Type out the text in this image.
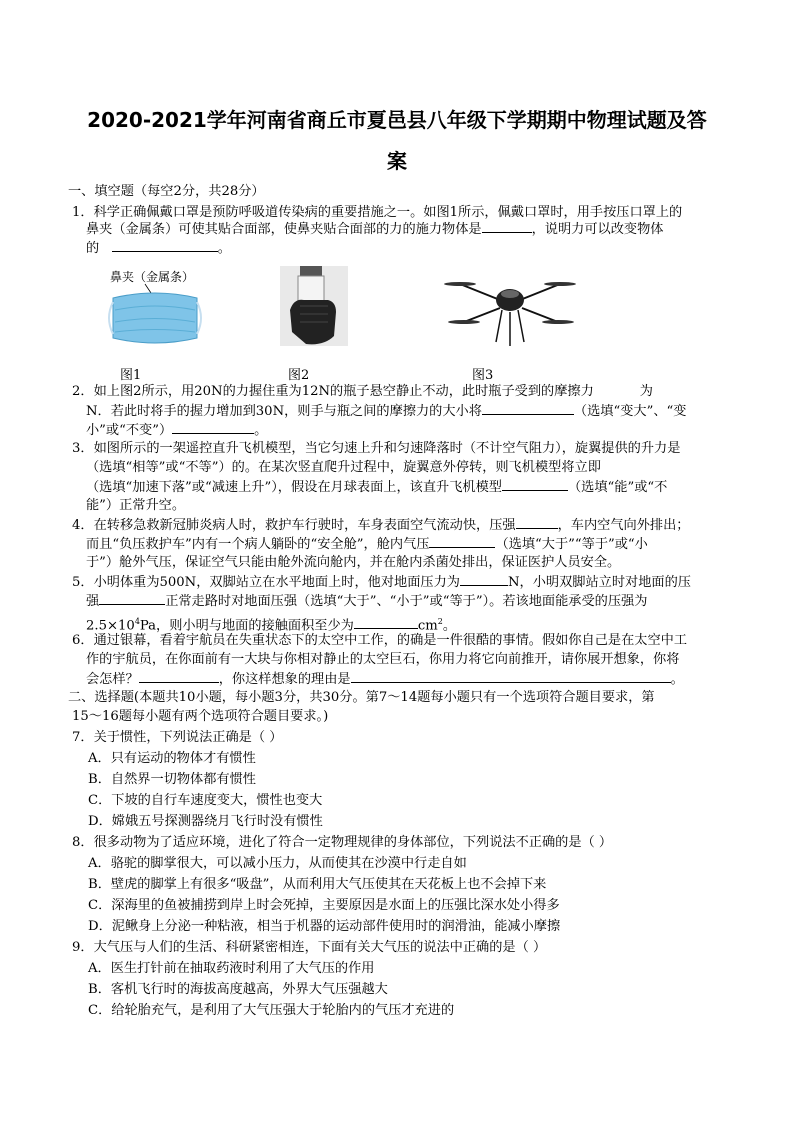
2020-2021学年河南省商丘市夏邑县八年级下学期期中物理试题及答
案
一、填空题（每空2分，共28分）
1．科学正确佩戴口罩是预防呼吸道传染病的重要措施之一。如图1所示，佩戴口罩时，用手按压口罩上的
鼻夹（金属条）可使其贴合面部，使鼻夹贴合面部的力的施力物体是	，说明力可以改变物体
的	。
鼻夹（金属条）
图1	图2	图3
2．如上图2所示，用20N的力握住重为12N的瓶子悬空静止不动，此时瓶子受到的摩擦力	为
N．若此时将手的握力增加到30N，则手与瓶之间的摩擦力的大小将	（选填“变大”、“变
小”或“不变”）	。
3．如图所示的一架遥控直升飞机模型，当它匀速上升和匀速降落时（不计空气阻力），旋翼提供的升力是
（选填“相等”或“不等”）的。在某次竖直爬升过程中，旋翼意外停转，则飞机模型将立即
（选填“加速下落”或“减速上升”），假设在月球表面上，该直升飞机模型	（选填“能”或“不
能”）正常升空。
4．在转移急救新冠肺炎病人时，救护车行驶时，车身表面空气流动快，压强	，车内空气向外排出；
而且“负压救护车”内有一个病人躺卧的“安全舱”，舱内气压	（选填“大于”“等于”或“小
于”）舱外气压，保证空气只能由舱外流向舱内，并在舱内杀菌处排出，保证医护人员安全。
5．小明体重为500N，双脚站立在水平地面上时，他对地面压力为	N，小明双脚站立时对地面的压
强	正常走路时对地面压强（选填“大于”、“小于”或“等于”）。若该地面能承受的压强为
$2.5\times 10^4Pa$，则小明与地面的接触面积至少为	$cm^2$。
6．通过银幕，看着宇航员在失重状态下的太空中工作，的确是一件很酷的事情。假如你自己是在太空中工
作的宇航员，在你面前有一大块与你相对静止的太空巨石，你用力将它向前推开，请你展开想象，你将
会怎样？	，你这样想象的理由是	。
二、选择题(本题共10小题，每小题3分，共30分。第7～14题每小题只有一个选项符合题目要求，第
15～16题每小题有两个选项符合题目要求。)
7．关于惯性，下列说法正确是（ ）
A．只有运动的物体才有惯性
B．自然界一切物体都有惯性
C．下坡的自行车速度变大，惯性也变大
D．嫦娥五号探测器绕月飞行时没有惯性
8．很多动物为了适应环境，进化了符合一定物理规律的身体部位，下列说法不正确的是（ ）
A．骆驼的脚掌很大，可以减小压力，从而使其在沙漠中行走自如
B．壁虎的脚掌上有很多“吸盘”，从而利用大气压使其在天花板上也不会掉下来
C．深海里的鱼被捕捞到岸上时会死掉，主要原因是水面上的压强比深水处小得多
D．泥鳅身上分泌一种粘液，相当于机器的运动部件使用时的润滑油，能减小摩擦
9．大气压与人们的生活、科研紧密相连，下面有关大气压的说法中正确的是（ ）
A．医生打针前在抽取药液时利用了大气压的作用
B．客机飞行时的海拔高度越高，外界大气压强越大
C．给轮胎充气，是利用了大气压强大于轮胎内的气压才充进的
